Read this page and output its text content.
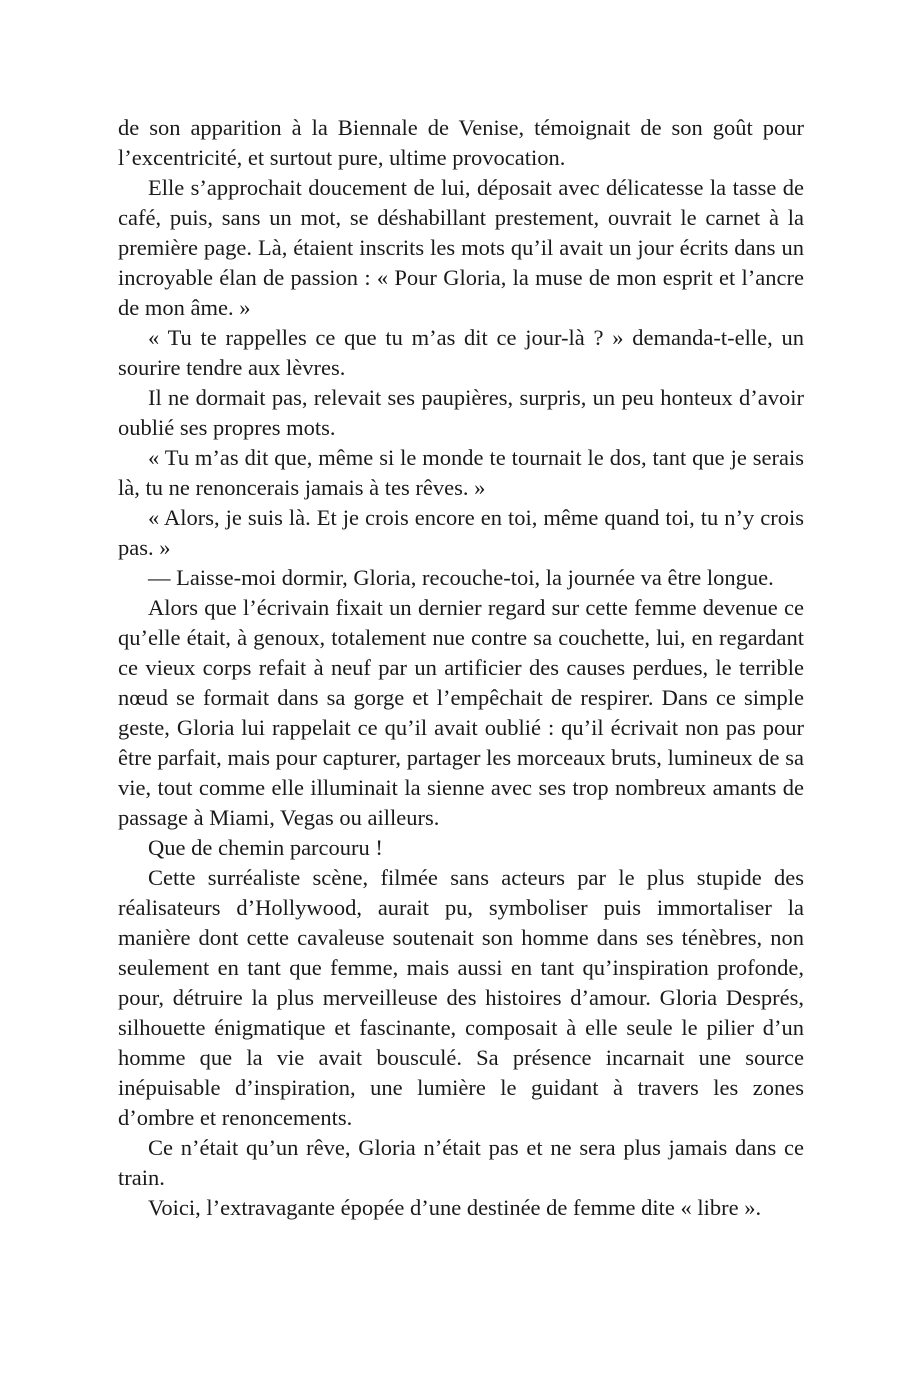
de son apparition à la Biennale de Venise, témoignait de son goût pour l’excentricité, et surtout pure, ultime provocation.

Elle s’approchait doucement de lui, déposait avec délicatesse la tasse de café, puis, sans un mot, se déshabillant prestement, ouvrait le carnet à la première page. Là, étaient inscrits les mots qu’il avait un jour écrits dans un incroyable élan de passion : « Pour Gloria, la muse de mon esprit et l’ancre de mon âme. »

« Tu te rappelles ce que tu m’as dit ce jour-là ? » demanda-t-elle, un sourire tendre aux lèvres.

Il ne dormait pas, relevait ses paupières, surpris, un peu honteux d’avoir oublié ses propres mots.

« Tu m’as dit que, même si le monde te tournait le dos, tant que je serais là, tu ne renoncerais jamais à tes rêves. »

« Alors, je suis là. Et je crois encore en toi, même quand toi, tu n’y crois pas. »

— Laisse-moi dormir, Gloria, recouche-toi, la journée va être longue.

Alors que l’écrivain fixait un dernier regard sur cette femme devenue ce qu’elle était, à genoux, totalement nue contre sa couchette, lui, en regardant ce vieux corps refait à neuf par un artificier des causes perdues, le terrible nœud se formait dans sa gorge et l’empêchait de respirer. Dans ce simple geste, Gloria lui rappelait ce qu’il avait oublié : qu’il écrivait non pas pour être parfait, mais pour capturer, partager les morceaux bruts, lumineux de sa vie, tout comme elle illuminait la sienne avec ses trop nombreux amants de passage à Miami, Vegas ou ailleurs.

Que de chemin parcouru !

Cette surréaliste scène, filmée sans acteurs par le plus stupide des réalisateurs d’Hollywood, aurait pu, symboliser puis immortaliser la manière dont cette cavaleuse soutenait son homme dans ses ténèbres, non seulement en tant que femme, mais aussi en tant qu’inspiration profonde, pour, détruire la plus merveilleuse des histoires d’amour. Gloria Després, silhouette énigmatique et fascinante, composait à elle seule le pilier d’un homme que la vie avait bousculé. Sa présence incarnait une source inépuisable d’inspiration, une lumière le guidant à travers les zones d’ombre et renoncements.

Ce n’était qu’un rêve, Gloria n’était pas et ne sera plus jamais dans ce train.

Voici, l’extravagante épopée d’une destinée de femme dite « libre ».
